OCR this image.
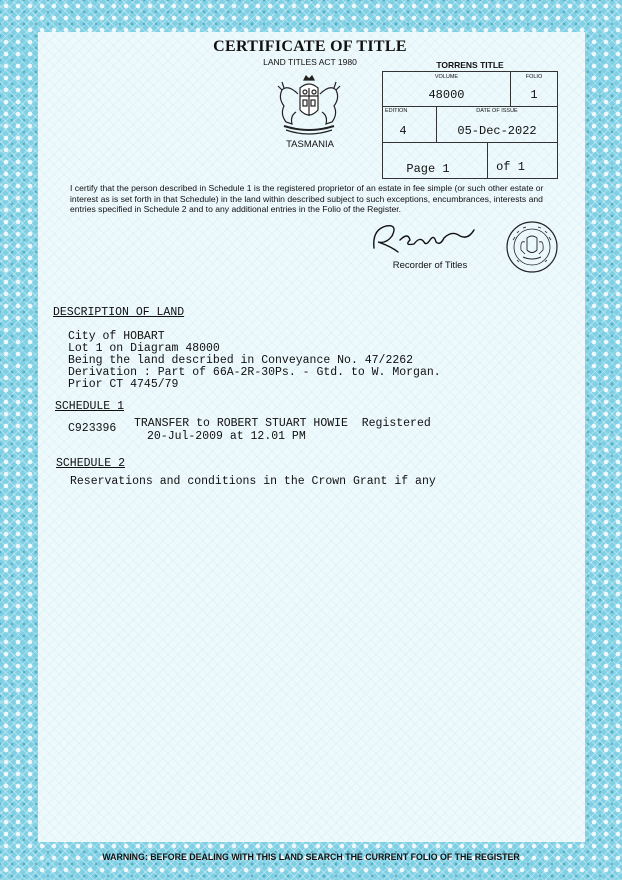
CERTIFICATE OF TITLE
LAND TITLES ACT 1980
TASMANIA
TORRENS TITLE
VOLUME
48000
FOLIO
1
EDITION
4
DATE OF ISSUE
05-Dec-2022
Page 1	of 1
I certify that the person described in Schedule 1 is the registered proprietor of an estate in fee simple (or such other estate or interest as is set forth in that Schedule) in the land within described subject to such exceptions, encumbrances, interests and entries specified in Schedule 2 and to any additional entries in the Folio of the Register.
Recorder of Titles
DESCRIPTION OF LAND
City of HOBART
Lot 1 on Diagram 48000
Being the land described in Conveyance No. 47/2262
Derivation : Part of 66A-2R-30Ps. - Gtd. to W. Morgan.
Prior CT 4745/79
SCHEDULE 1
C923396 TRANSFER to ROBERT STUART HOWIE  Registered
20-Jul-2009 at 12.01 PM
SCHEDULE 2
Reservations and conditions in the Crown Grant if any
WARNING: BEFORE DEALING WITH THIS LAND SEARCH THE CURRENT FOLIO OF THE REGISTER
